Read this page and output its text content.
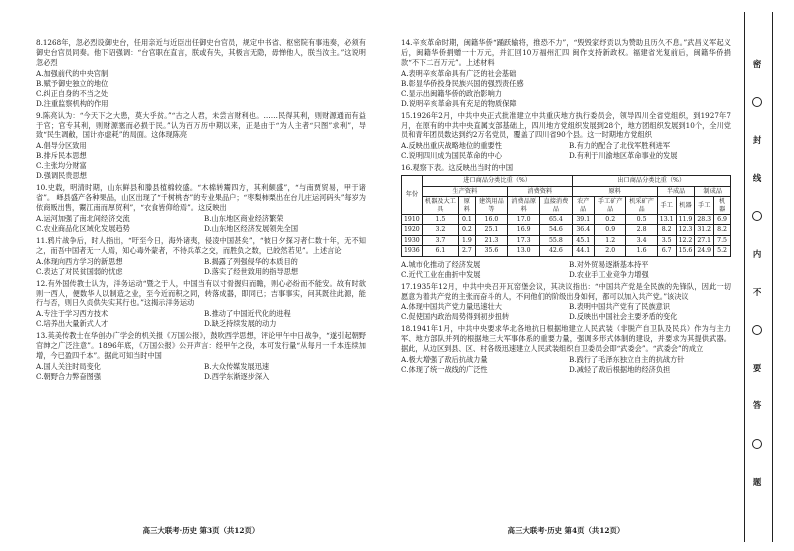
8.1268年，忽必烈设御史台，任用亲近与近臣出任御史台官员，规定中书省、枢密院有事违奏，必须有御史台官员同奏。他下诏强调：“台官职在直言，朕或有失，其极言无隐，毋惮他人，朕当汝主。”这说明忽必烈

A.加强前代的中央官制

B.赋予御史独立的地位

C.纠正自身的不当之处

D.注重监察机构的作用

9.陈亮认为：“今天下之大患，莫大乎贫。”“古之人君，未尝言财利也。……民得其利，则财源通而有益于官；官专其利，则财源塞而必损于民。”认为百万历中期以来，正是由于“为人主者“只图”求利”，导致“民生凋敝，国计亦虚耗”的局面。这体现陈亮

A.倡导分区致用

B.排斥民本思想

C.主张均分财富

D.强调民贵思想

10.史载，明清时期，山东鲜县和滕县植棉较盛。“木棉转鬻四方，其利颇盛”，“与南贾贸易，甲于诸省”。 峄县盛产各种果品，山区出现了“千树桃杏”的专业果品户；“枣梨柿栗出在台儿庄运河码头”每岁为依商贩出售，鬻江南而厚贸利”，“衣食皆仰给焉”。这反映出

A.运河加强了南北间经济交流	B.山东地区商业经济繁荣

C.农业商品化区域化发展趋势	D.山东地区经济发展领先全国

11.鸦片战争后，时人指出，“吁至今日，海外诸夷，侵凌中国甚矣”，“彼日夕探习者仁数十年，无不知之，而吾中国者无一人焉，知心毒外蒙者，不待兵革之交，而胜负之数，已皎然若见”。上述言论

A.体现向西方学习的新思想	B.揭露了列强侵华的本质目的

C.表达了对民贫国弱的忧虑	D.落实了经世致用的指导思想

12.有外国传教士认为，洋务运动“暨之于人，中国当有以寸骨握归而瞻，则心必纷而不能安。故有时欲则一西人，便数华人以制造之业，至今近而积之同，转落成器，即同已；吉事事实，问其既往此源，能行与否，则日久贞供失实其行也。”这揭示洋务运动

A.专注于学习西方技术	B.推动了中国近代化的进程

C.培养出大量新式人才	D.缺乏持续发展的动力

13.英美传教士在华创办广学会的机关报《万国公报》，鼓吹西学思想，评论甲午中日战争，“遂引起朝野官绅之广泛注意”。1896年底，《万国公报》公开声言：经甲午之役，本可发行量“从每月一千本连续加增，今已盈四千本”。据此可知当时中国

A.国人关注时局变化	B.大众传媒发展迅速

C.朝野合力弊奋图强	D.西学东渐逐步深入

高三大联考·历史 第3页（共12页）

14.辛亥革命时期，闽籍华侨“踊跃输将，推恐不力”，“毁毁家纾贡以为赞助且历久不息。”武昌义军起义后，闽籍华侨捐赠一十万元，并汇回10万福州汇四 闽作支持新政权。福建省光复前后，闽籍华侨捐款“不下二百万元”。上述材料

A.表明辛亥革命具有广泛的社会基础

B.彰显华侨投身民族兴国的强烈责任感

C.显示出闽籍华侨的政治影响力

D.说明辛亥革命具有充足的物质保障

15.1926年2月，中共中央正式批准建立中共重庆地方执行委员会，领导四川全省党组织，到1927年7月，在原有的中共中央直属支部基础上，四川地方党组织发展到28个，地方团组织发展到10个，全川党员和青年团员数达到约2万名党员，覆盖了四川省90个县。这一时期地方党组织

A.反映出重庆战略地位的重要性	B.有力的配合了北伐军胜利进军

C.说明四川成为国民革命的中心	D.有利于川渝地区革命事业的发展

16.观察下表。这反映出当时的中国

年份	进口商品分类比重（%）					出口商品分类比重（%）						
	生产资料			消费资料		原料			半成品		制成品	
	机器及大工具	原料	建筑用品等	消费品原料	直接消费品	农产品	手工矿产品	机采矿产品	手工	机器	手工	机器
1910	1.5	0.1	16.0	17.0	65.4	39.1	0.2	0.5	13.1	11.9	28.3	6.9
1920	3.2	0.2	25.1	16.9	54.6	36.4	0.9	2.8	8.2	12.3	31.2	8.2
1930	3.7	1.9	21.3	17.3	55.8	45.1	1.2	3.4	3.5	12.2	27.1	7.5
1936	6.1	2.7	35.6	13.0	42.6	44.1	2.0	1.6	6.7	15.6	24.9	5.2

A.城市化推动了经济发展	B.对外贸易逐渐基本持平

C.近代工业在曲折中发展	D.农业手工业竞争力增强

17.1935年12月，中共中央召开瓦窑堡会议，其决议指出：“中国共产党是全民族的先锋队，因此一切愿意为着共产党的主张而奋斗的人，不问他们的阶级出身如何，都可以加入共产党。”该决议

A.体现中国共产党力量迅速壮大	B.表明中国共产党有了民族意识

C.促使国内政治局势得到初步扭转	D.反映出中国社会主要矛盾的变化

18.1941年1月，中共中央要求华北各地抗日根据地建立人民武装（非脱产自卫队及民兵）作为与主力军、地方部队并列的根据地三大军事体系的重要力量，强调多形式体制的建设，并要求为其提供武器。据此，从边区到县、区、村各级迅速建立人民武装组织自卫委员会即“武委会”。“武委会”的成立

A.极大增强了敌后抗战力量	B.践行了毛泽东独立自主的抗战方针

C.体现了统一战线的广泛性	D.减轻了敌后根据地的经济负担

高三大联考·历史 第4页（共12页）
密
封
线
内
不
要
答
题
